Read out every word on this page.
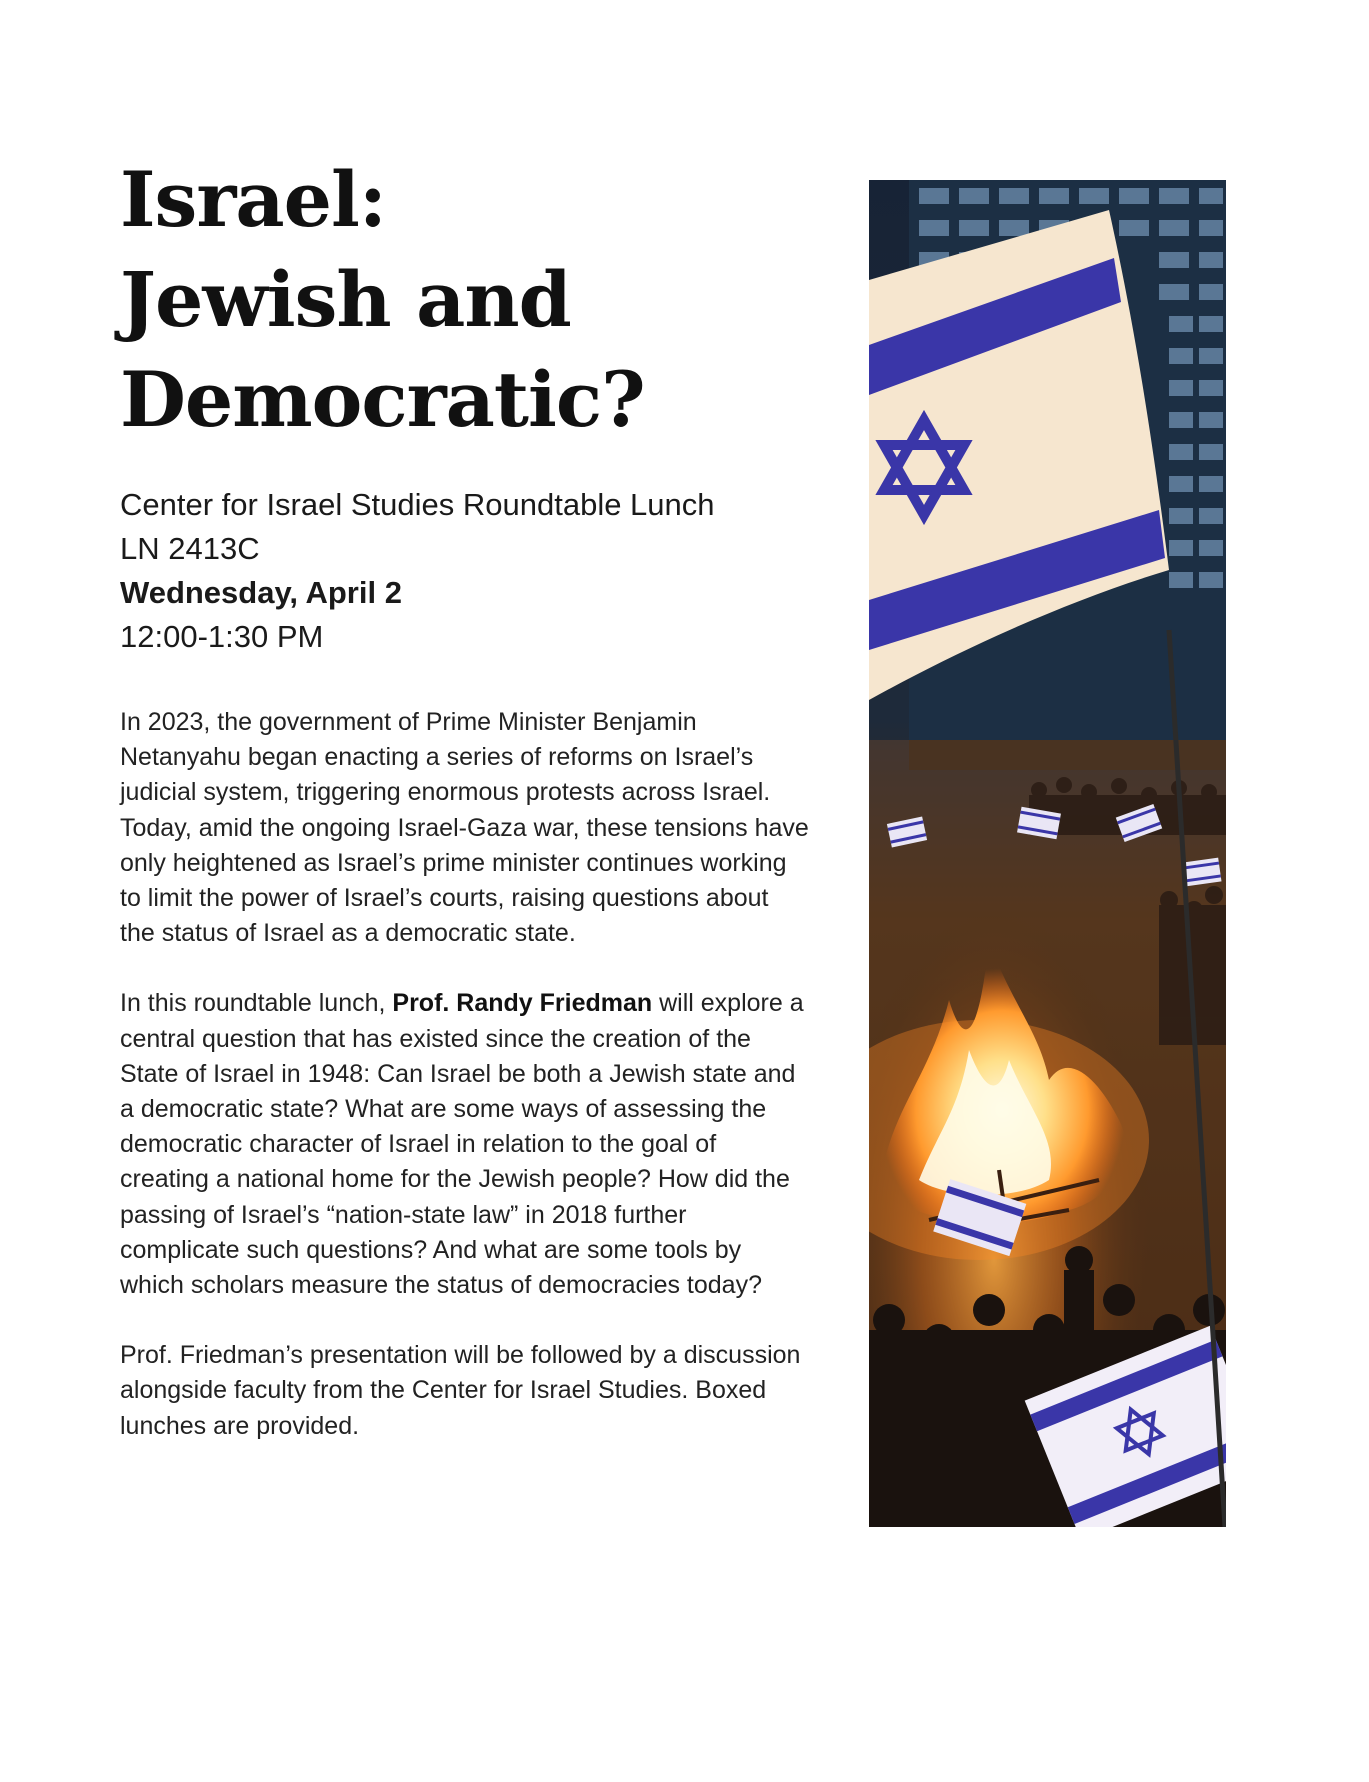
Israel:
Jewish and
Democratic?
Center for Israel Studies Roundtable Lunch
LN 2413C
Wednesday, April 2
12:00-1:30 PM

In 2023, the government of Prime Minister Benjamin Netanyahu began enacting a series of reforms on Israel’s judicial system, triggering enormous protests across Israel. Today, amid the ongoing Israel-Gaza war, these tensions have only heightened as Israel’s prime minister continues working to limit the power of Israel’s courts, raising questions about the status of Israel as a democratic state.

In this roundtable lunch, Prof. Randy Friedman will explore a central question that has existed since the creation of the State of Israel in 1948: Can Israel be both a Jewish state and a democratic state? What are some ways of assessing the democratic character of Israel in relation to the goal of creating a national home for the Jewish people? How did the passing of Israel’s “nation-state law” in 2018 further complicate such questions? And what are some tools by which scholars measure the status of democracies today?

Prof. Friedman’s presentation will be followed by a discussion alongside faculty from the Center for Israel Studies. Boxed lunches are provided.
